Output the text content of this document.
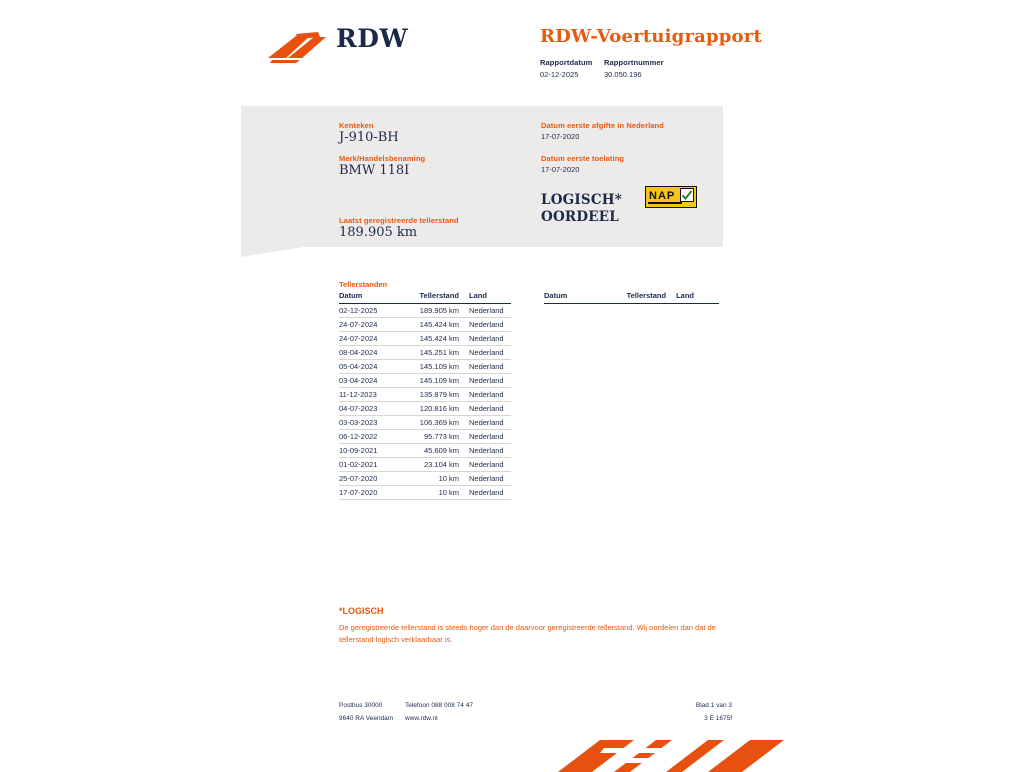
RDW	RDW-Voertuigrapport
Rapportdatum
02-12-2025
Rapportnummer
30.050.196
Kenteken
J-910-BH
Merk/Handelsbenaming
BMW 118I
Laatst geregistreerde tellerstand
189.905 km
Datum eerste afgifte in Nederland
17-07-2020
Datum eerste toelating
17-07-2020
LOGISCH*
OORDEEL
NAP
Tellerstanden
Datum	Tellerstand	Land
02-12-2025	189.905 km	Nederland
24-07-2024	145.424 km	Nederland
24-07-2024	145.424 km	Nederland
08-04-2024	145.251 km	Nederland
05-04-2024	145.109 km	Nederland
03-04-2024	145.109 km	Nederland
11-12-2023	135.879 km	Nederland
04-07-2023	120.816 km	Nederland
03-03-2023	106.369 km	Nederland
06-12-2022	95.773 km	Nederland
10-09-2021	45.609 km	Nederland
01-02-2021	23.104 km	Nederland
25-07-2020	10 km	Nederland
17-07-2020	10 km	Nederland
Datum	Tellerstand	Land
*LOGISCH
De geregistreerde tellerstand is steeds hoger dan de daarvoor geregistreerde tellerstand. Wij oordelen dan dat de tellerstand logisch verklaarbaar is.
Postbus 30000	Telefoon 088 008 74 47
9640 RA Veendam www.rdw.nl
Blad 1 van 3
3 E 1675f
